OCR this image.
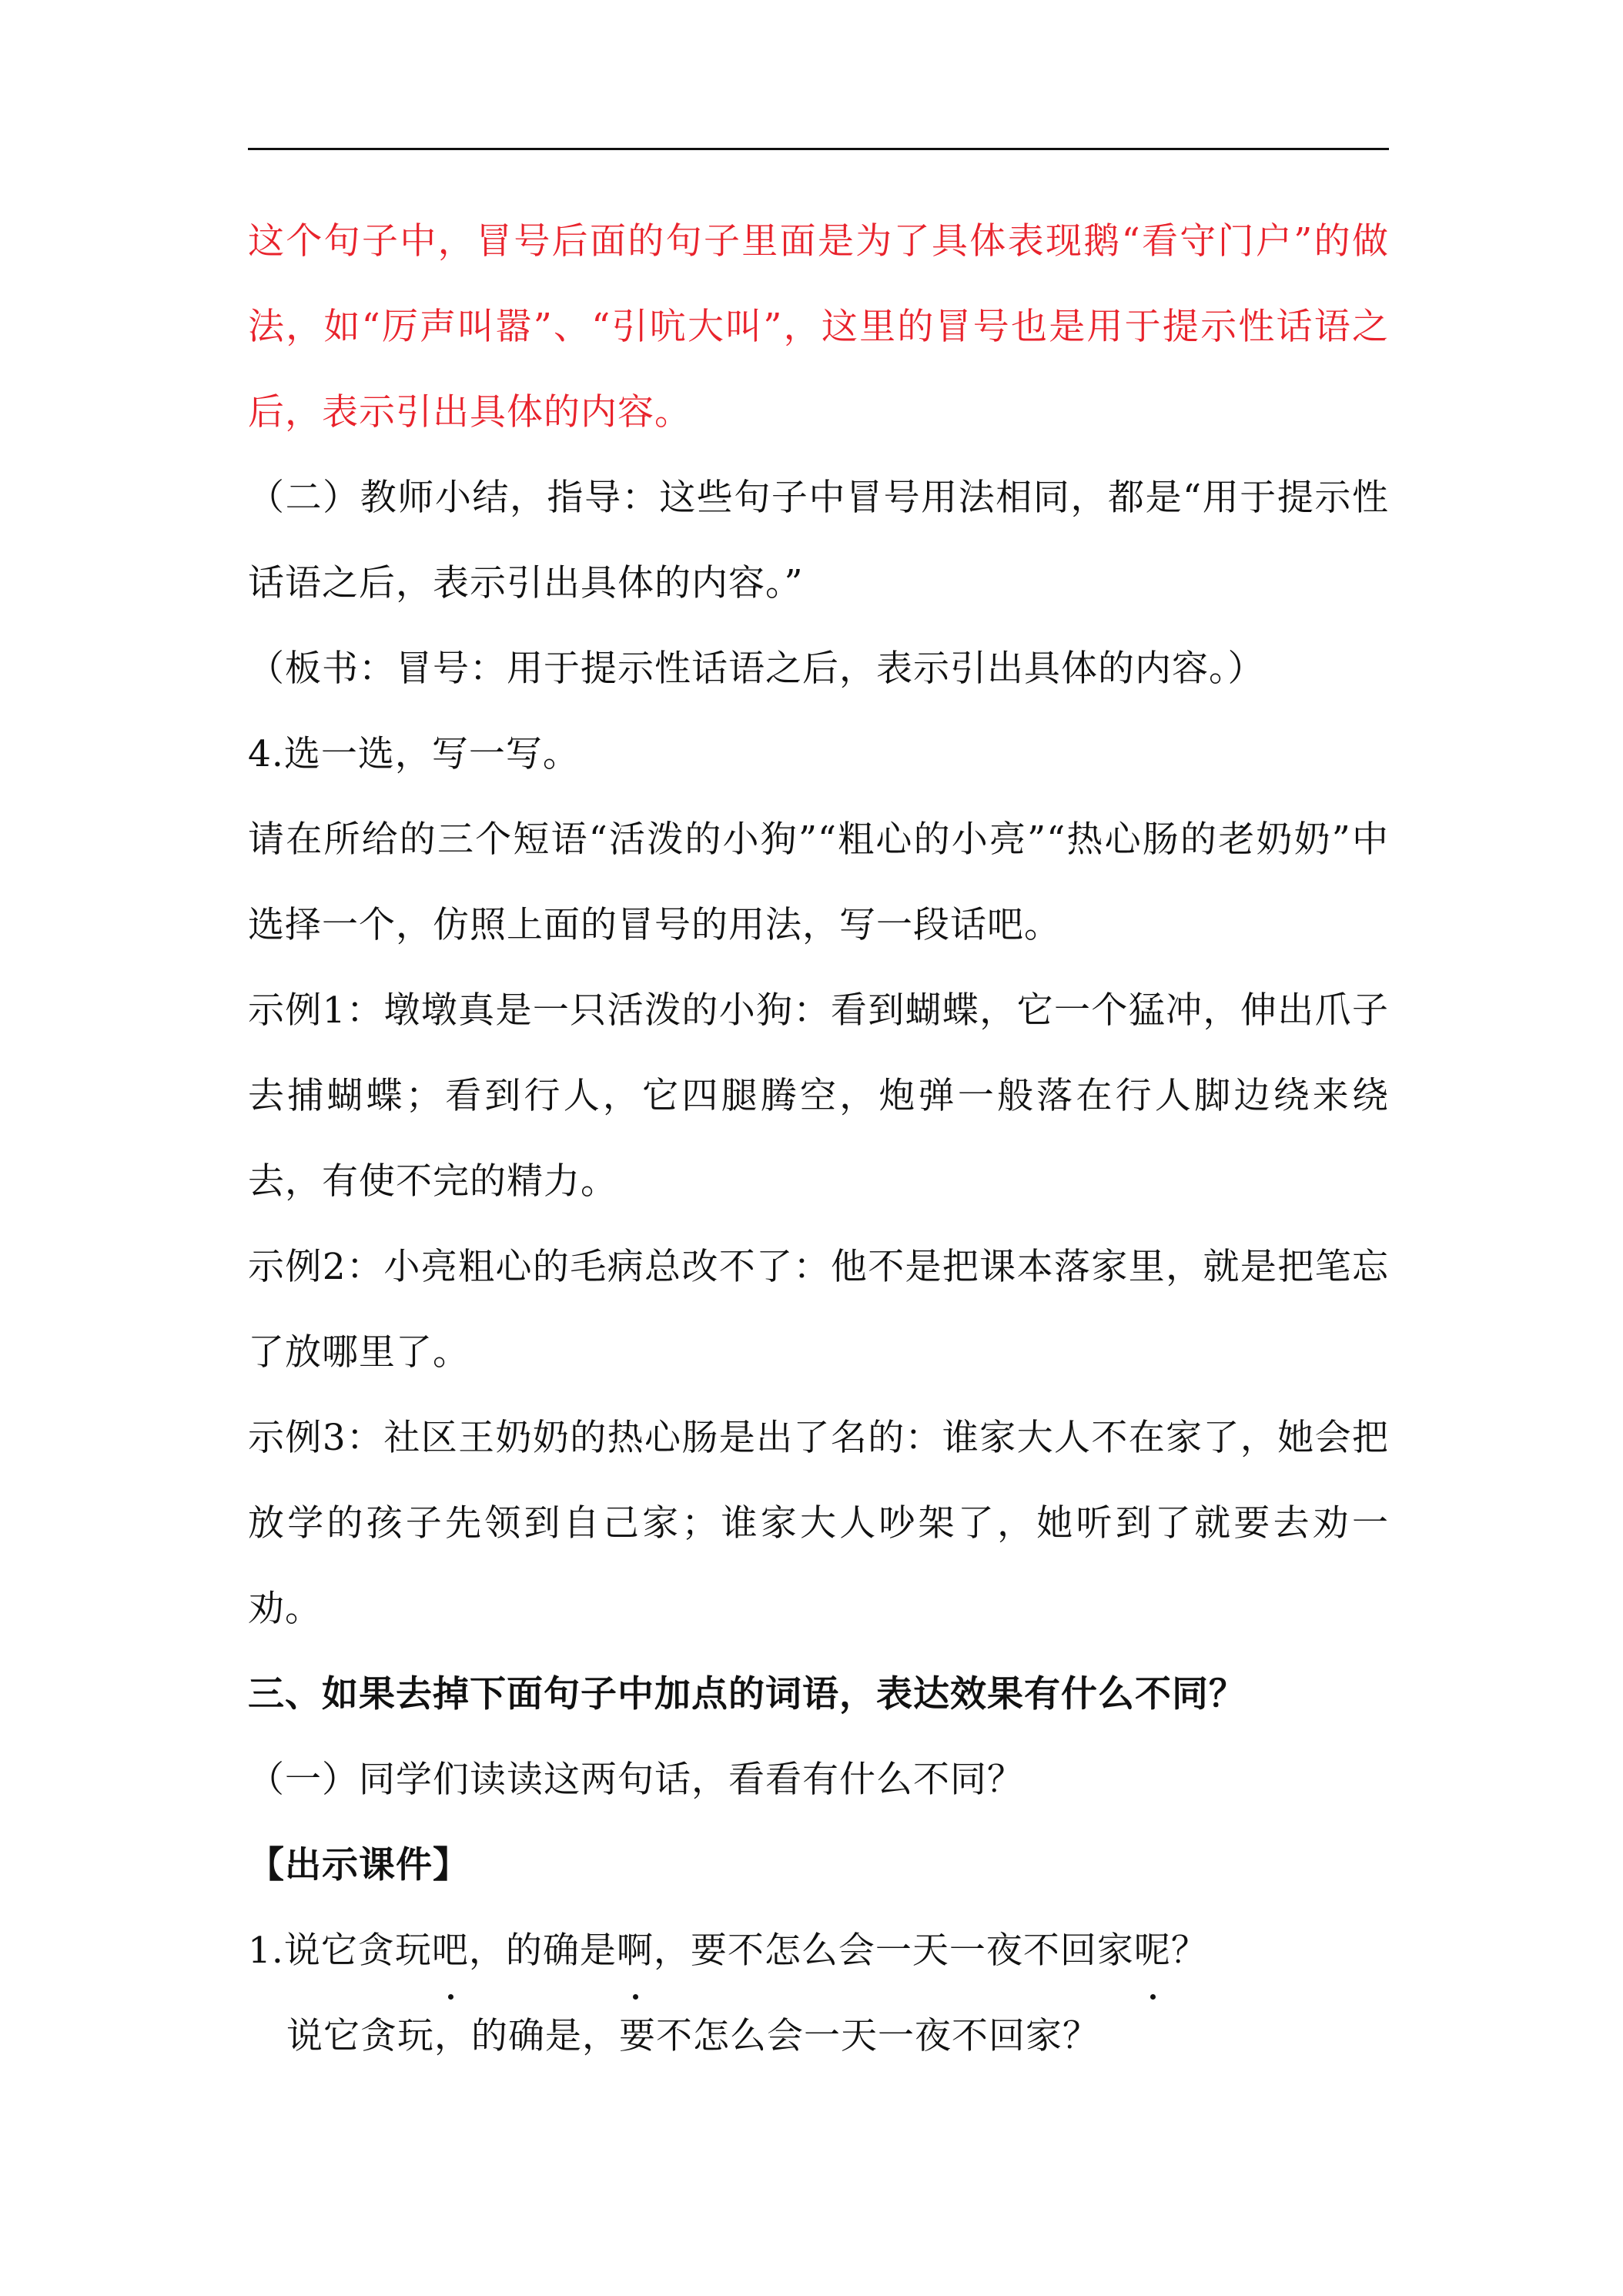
这个句子中，冒号后面的句子里面是为了具体表现鹅“看守门户”的做法，如“厉声叫嚣”、“引吭大叫”，这里的冒号也是用于提示性话语之后，表示引出具体的内容。

（二）教师小结，指导：这些句子中冒号用法相同，都是“用于提示性话语之后，表示引出具体的内容。”

（板书：冒号：用于提示性话语之后，表示引出具体的内容。）

4.选一选，写一写。

请在所给的三个短语“活泼的小狗”“粗心的小亮”“热心肠的老奶奶”中选择一个，仿照上面的冒号的用法，写一段话吧。

示例1：墩墩真是一只活泼的小狗：看到蝴蝶，它一个猛冲，伸出爪子去捕蝴蝶；看到行人，它四腿腾空，炮弹一般落在行人脚边绕来绕去，有使不完的精力。

示例2：小亮粗心的毛病总改不了：他不是把课本落家里，就是把笔忘了放哪里了。

示例3：社区王奶奶的热心肠是出了名的：谁家大人不在家了，她会把放学的孩子先领到自己家；谁家大人吵架了，她听到了就要去劝一劝。

三、如果去掉下面句子中加点的词语，表达效果有什么不同？

（一）同学们读读这两句话，看看有什么不同？

【出示课件】

1.说它贪玩吧，的确是啊，要不怎么会一天一夜不回家呢？

说它贪玩，的确是，要不怎么会一天一夜不回家？
